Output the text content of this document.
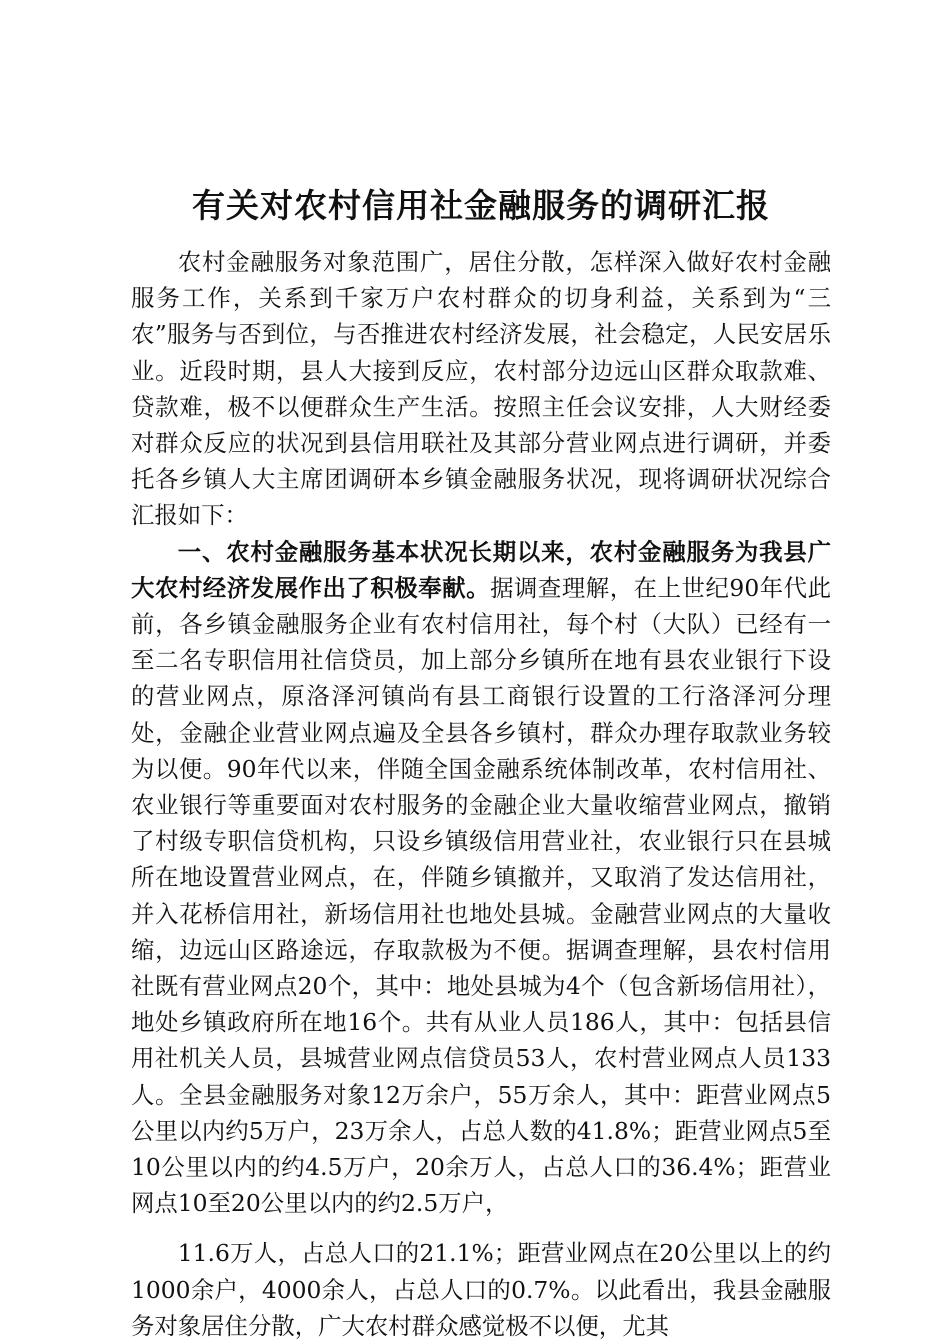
有关对农村信用社金融服务的调研汇报

农村金融服务对象范围广，居住分散，怎样深入做好农村金融服务工作，关系到千家万户农村群众的切身利益，关系到为“三农”服务与否到位，与否推进农村经济发展，社会稳定，人民安居乐业。近段时期，县人大接到反应，农村部分边远山区群众取款难、贷款难，极不以便群众生产生活。按照主任会议安排，人大财经委对群众反应的状况到县信用联社及其部分营业网点进行调研，并委托各乡镇人大主席团调研本乡镇金融服务状况，现将调研状况综合汇报如下：

一、农村金融服务基本状况长期以来，农村金融服务为我县广大农村经济发展作出了积极奉献。据调查理解，在上世纪90年代此前，各乡镇金融服务企业有农村信用社，每个村（大队）已经有一至二名专职信用社信贷员，加上部分乡镇所在地有县农业银行下设的营业网点，原洛泽河镇尚有县工商银行设置的工行洛泽河分理处，金融企业营业网点遍及全县各乡镇村，群众办理存取款业务较为以便。90年代以来，伴随全国金融系统体制改革，农村信用社、农业银行等重要面对农村服务的金融企业大量收缩营业网点，撤销了村级专职信贷机构，只设乡镇级信用营业社，农业银行只在县城所在地设置营业网点，在，伴随乡镇撤并，又取消了发达信用社，并入花桥信用社，新场信用社也地处县城。金融营业网点的大量收缩，边远山区路途远，存取款极为不便。据调查理解，县农村信用社既有营业网点20个，其中：地处县城为4个（包含新场信用社），地处乡镇政府所在地16个。共有从业人员186人，其中：包括县信用社机关人员，县城营业网点信贷员53人，农村营业网点人员133人。全县金融服务对象12万余户，55万余人，其中：距营业网点5公里以内约5万户，23万余人，占总人数的41.8%；距营业网点5至10公里以内的约4.5万户，20余万人，占总人口的36.4%；距营业网点10至20公里以内的约2.5万户，

11.6万人，占总人口的21.1%；距营业网点在20公里以上的约1000余户，4000余人，占总人口的0.7%。以此看出，我县金融服务对象居住分散，广大农村群众感觉极不以便，尤其
